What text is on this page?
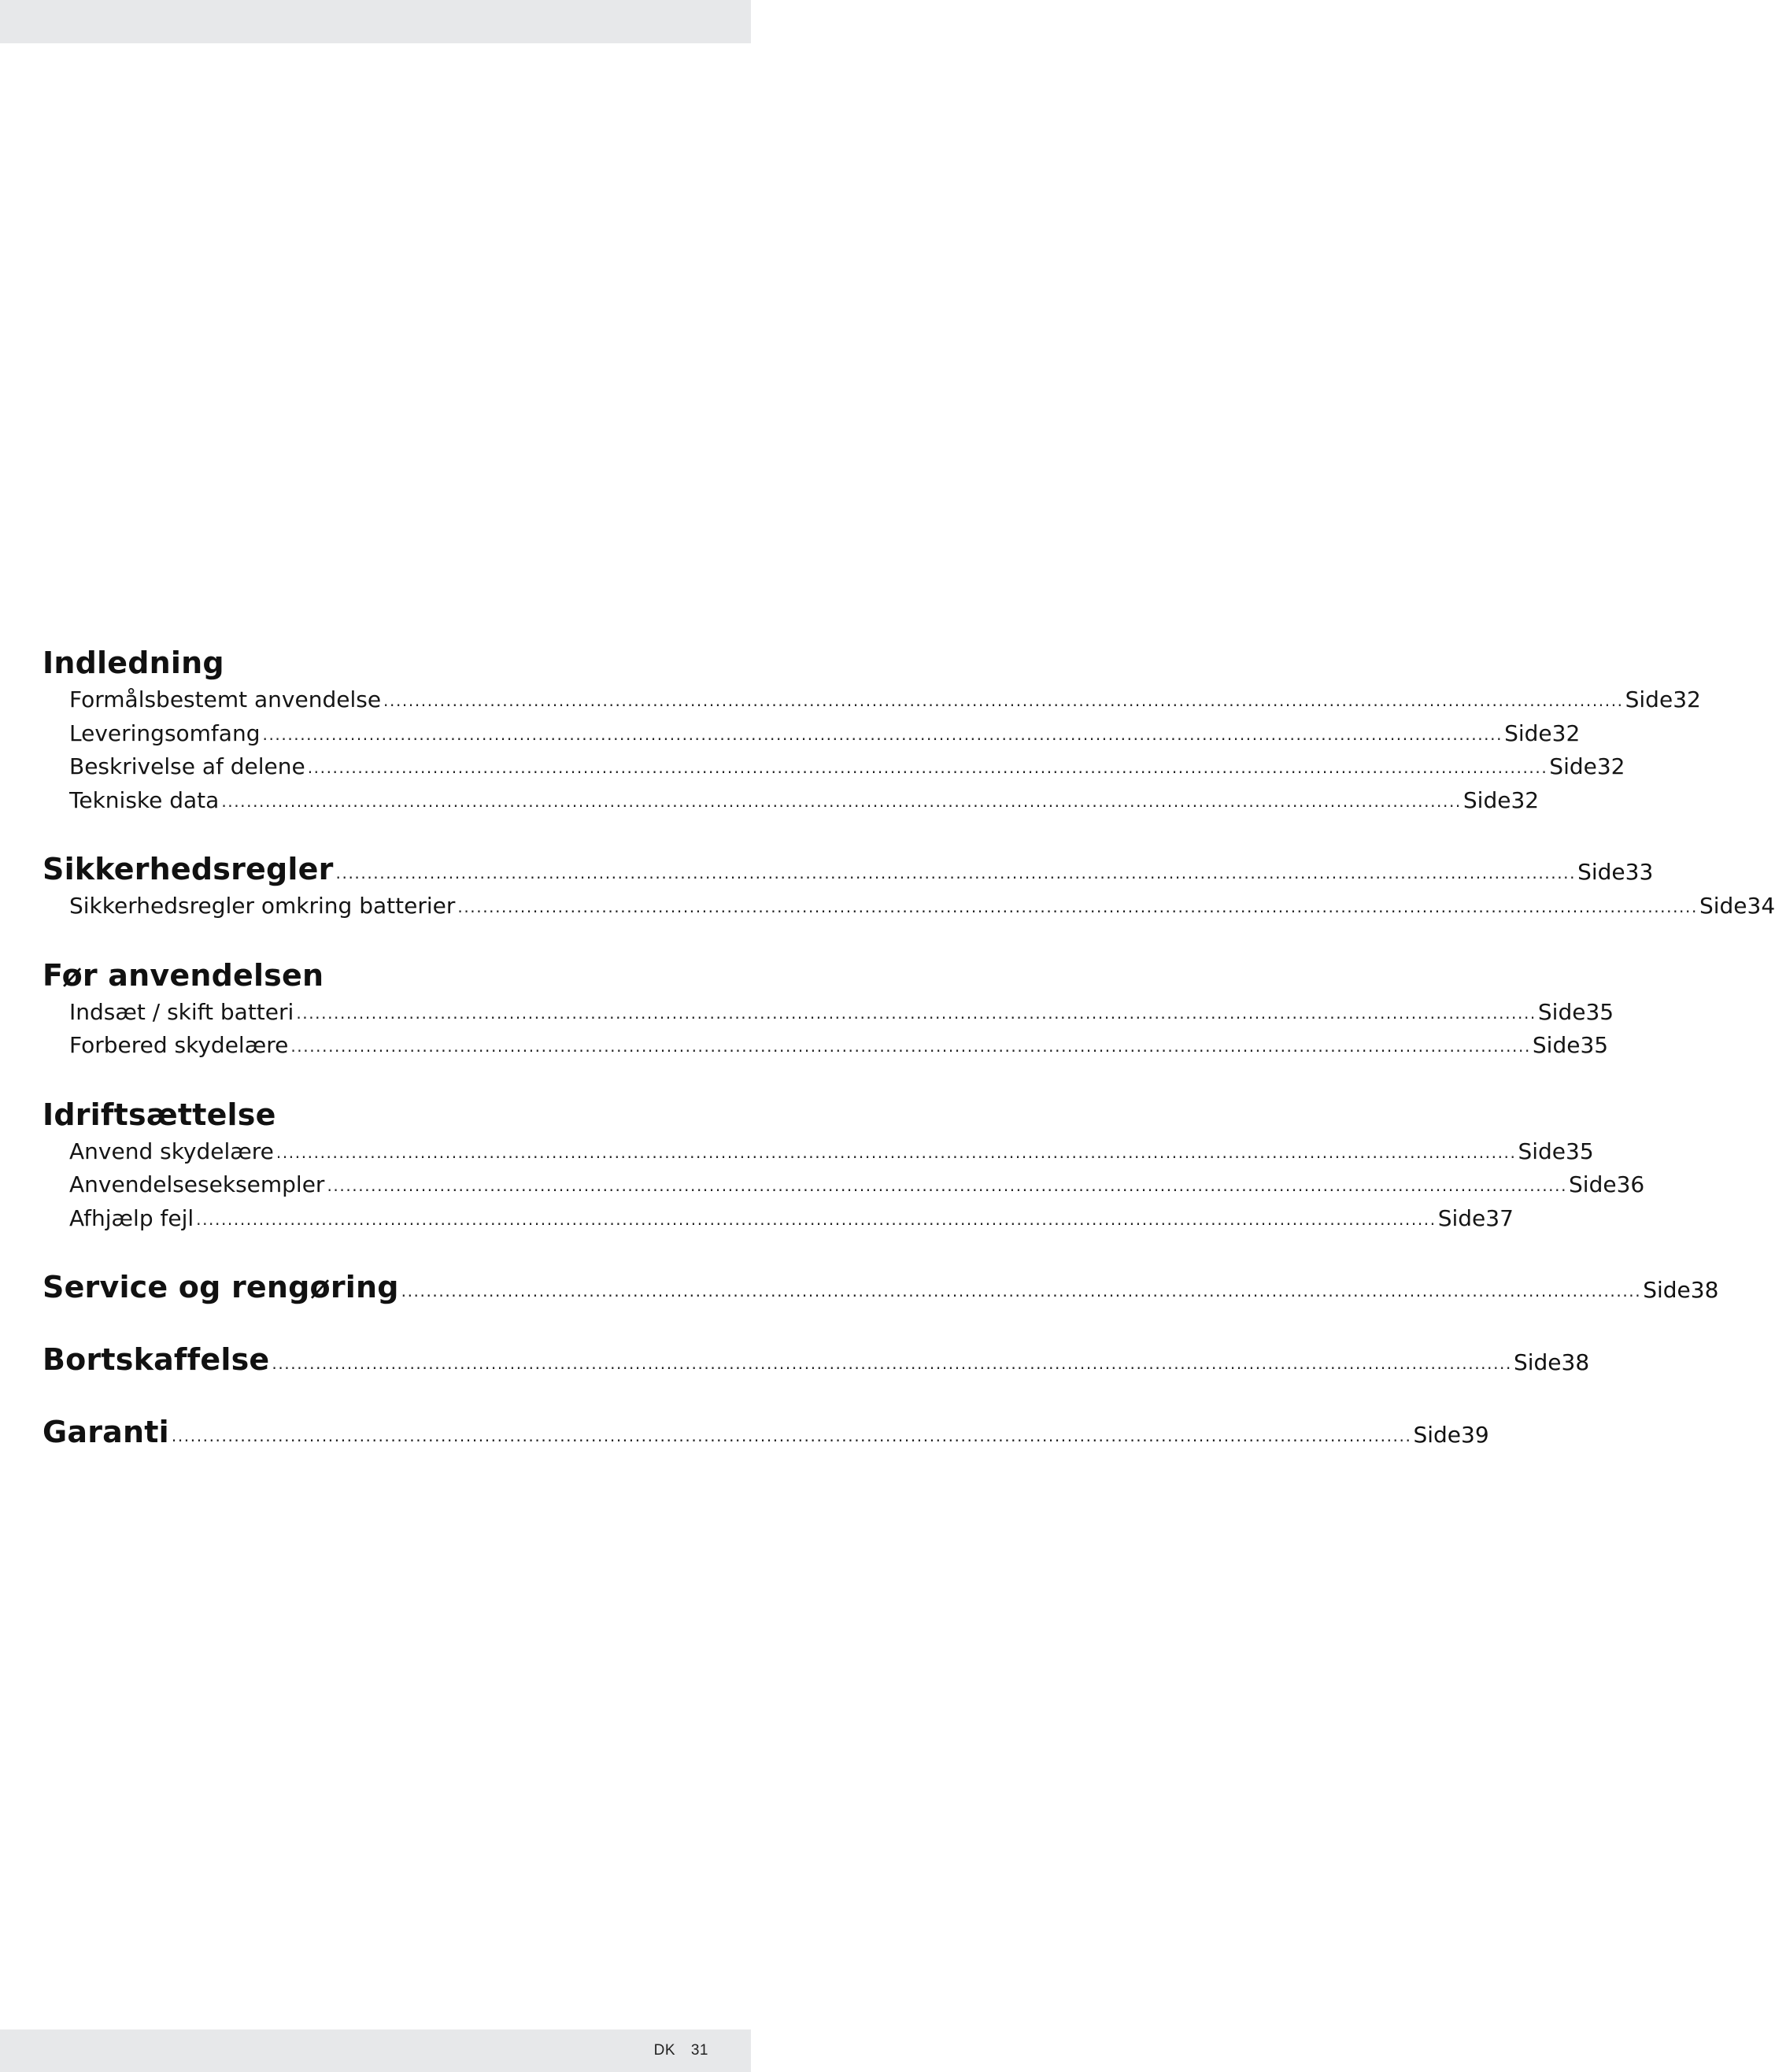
Indledning
Formålsbestemt anvendelse ...................................................................................................................................................................................................... Side 32
Leveringsomfang ...................................................................................................................................................................................................... Side 32
Beskrivelse af delene ...................................................................................................................................................................................................... Side 32
Tekniske data ...................................................................................................................................................................................................... Side 32
Sikkerhedsregler ...................................................................................................................................................................................................... Side 33
Sikkerhedsregler omkring batterier ...................................................................................................................................................................................................... Side 34
Før anvendelsen
Indsæt / skift batteri ...................................................................................................................................................................................................... Side 35
Forbered skydelære ...................................................................................................................................................................................................... Side 35
Idriftsættelse
Anvend skydelære ...................................................................................................................................................................................................... Side 35
Anvendelseseksempler ...................................................................................................................................................................................................... Side 36
Afhjælp fejl ...................................................................................................................................................................................................... Side 37
Service og rengøring ...................................................................................................................................................................................................... Side 38
Bortskaffelse ...................................................................................................................................................................................................... Side 38
Garanti ...................................................................................................................................................................................................... Side 39
DK 31
